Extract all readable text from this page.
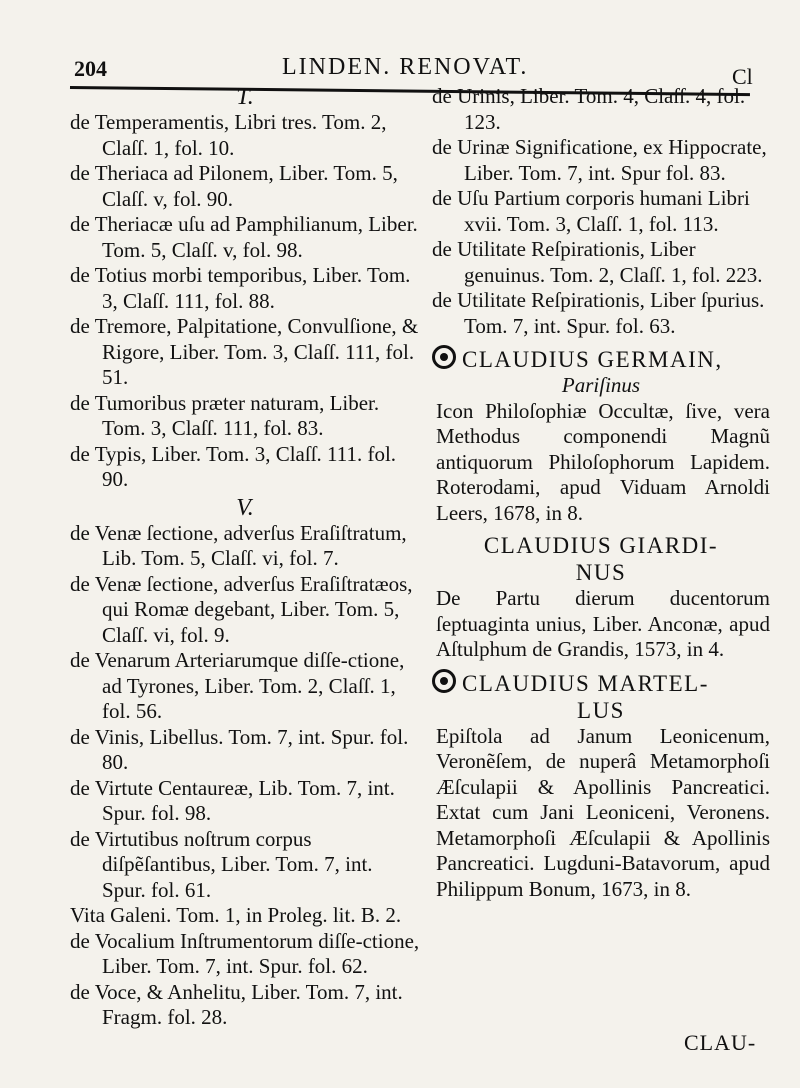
204	LINDEN. RENOVAT.	Cl

T.

de Temperamentis, Libri tres. Tom. 2, Claſſ. 1, fol. 10.

de Theriaca ad Pilonem, Liber. Tom. 5, Claſſ. v, fol. 90.

de Theriacæ uſu ad Pamphilianum, Liber. Tom. 5, Claſſ. v, fol. 98.

de Totius morbi temporibus, Liber. Tom. 3, Claſſ. 111, fol. 88.

de Tremore, Palpitatione, Convulſione, & Rigore, Liber. Tom. 3, Claſſ. 111, fol. 51.

de Tumoribus præter naturam, Liber. Tom. 3, Claſſ. 111, fol. 83.

de Typis, Liber. Tom. 3, Claſſ. 111. fol. 90.

V.

de Venæ ſectione, adverſus Eraſiſtratum, Lib. Tom. 5, Claſſ. vi, fol. 7.

de Venæ ſectione, adverſus Eraſiſtratæos, qui Romæ degebant, Liber. Tom. 5, Claſſ. vi, fol. 9.

de Venarum Arteriarumque diſſe-ctione, ad Tyrones, Liber. Tom. 2, Claſſ. 1, fol. 56.

de Vinis, Libellus. Tom. 7, int. Spur. fol. 80.

de Virtute Centaureæ, Lib. Tom. 7, int. Spur. fol. 98.

de Virtutibus noſtrum corpus diſpẽſantibus, Liber. Tom. 7, int. Spur. fol. 61.

Vita Galeni. Tom. 1, in Proleg. lit. B. 2.

de Vocalium Inſtrumentorum diſſe-ctione, Liber. Tom. 7, int. Spur. fol. 62.

de Voce, & Anhelitu, Liber. Tom. 7, int. Fragm. fol. 28.

de Urinis, Liber. Tom. 4, Claſſ. 4, fol. 123.

de Urinæ Significatione, ex Hippocrate, Liber. Tom. 7, int. Spur fol. 83.

de Uſu Partium corporis humani Libri xvii. Tom. 3, Claſſ. 1, fol. 113.

de Utilitate Reſpirationis, Liber genuinus. Tom. 2, Claſſ. 1, fol. 223.

de Utilitate Reſpirationis, Liber ſpurius. Tom. 7, int. Spur. fol. 63.

CLAUDIUS GERMAIN,

Pariſinus

Icon Philoſophiæ Occultæ, ſive, vera Methodus componendi Magnũ antiquorum Philoſophorum Lapidem. Roterodami, apud Viduam Arnoldi Leers, 1678, in 8.

CLAUDIUS GIARDI-
NUS

De Partu dierum ducentorum ſeptuaginta unius, Liber. Anconæ, apud Aſtulphum de Grandis, 1573, in 4.

CLAUDIUS MARTEL-

LUS

Epiſtola ad Janum Leonicenum, Veronẽſem, de nuperâ Metamorphoſi Æſculapii & Apollinis Pancreatici. Extat cum Jani Leoniceni, Veronens. Metamorphoſi Æſculapii & Apollinis Pancreatici. Lugduni-Batavorum, apud Philippum Bonum, 1673, in 8.

CLAU-
